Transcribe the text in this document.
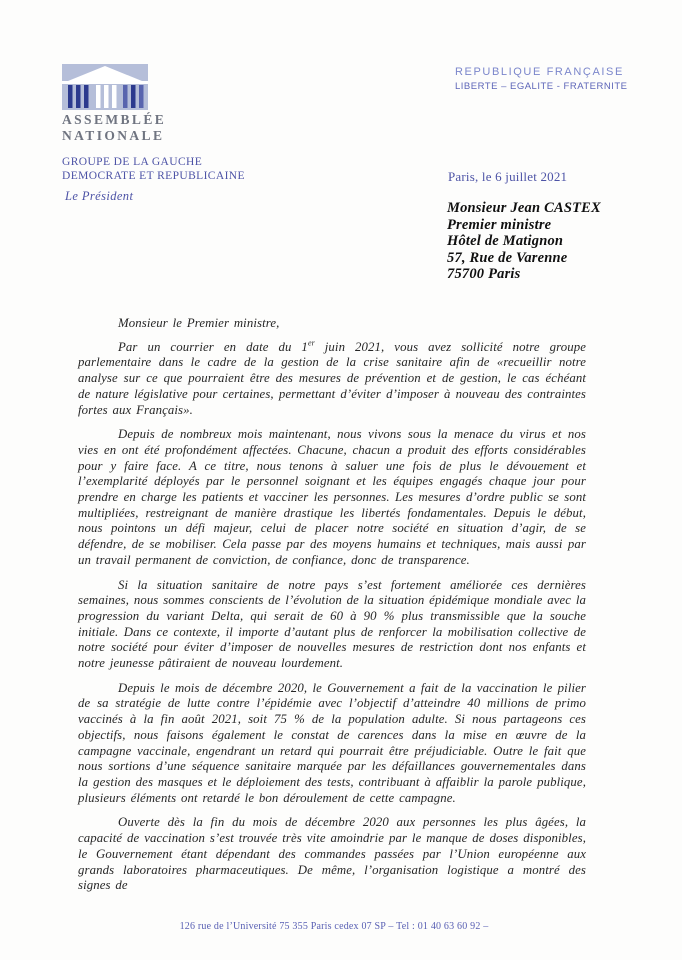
ASSEMBLÉE
NATIONALE
GROUPE DE LA GAUCHE
DEMOCRATE ET REPUBLICAINE
Le Président
REPUBLIQUE FRANÇAISE
LIBERTE – EGALITE - FRATERNITE
Paris, le 6 juillet 2021
Monsieur Jean CASTEX
Premier ministre
Hôtel de Matignon
57, Rue de Varenne
75700 Paris

Monsieur le Premier ministre,

Par un courrier en date du 1er juin 2021, vous avez sollicité notre groupe parlementaire dans le cadre de la gestion de la crise sanitaire afin de «recueillir notre analyse sur ce que pourraient être des mesures de prévention et de gestion, le cas échéant de nature législative pour certaines, permettant d’éviter d’imposer à nouveau des contraintes fortes aux Français».

Depuis de nombreux mois maintenant, nous vivons sous la menace du virus et nos vies en ont été profondément affectées. Chacune, chacun a produit des efforts considérables pour y faire face. A ce titre, nous tenons à saluer une fois de plus le dévouement et l’exemplarité déployés par le personnel soignant et les équipes engagés chaque jour pour prendre en charge les patients et vacciner les personnes. Les mesures d’ordre public se sont multipliées, restreignant de manière drastique les libertés fondamentales. Depuis le début, nous pointons un défi majeur, celui de placer notre société en situation d’agir, de se défendre, de se mobiliser. Cela passe par des moyens humains et techniques, mais aussi par un travail permanent de conviction, de confiance, donc de transparence.

Si la situation sanitaire de notre pays s’est fortement améliorée ces dernières semaines, nous sommes conscients de l’évolution de la situation épidémique mondiale avec la progression du variant Delta, qui serait de 60 à 90 % plus transmissible que la souche initiale. Dans ce contexte, il importe d’autant plus de renforcer la mobilisation collective de notre société pour éviter d’imposer de nouvelles mesures de restriction dont nos enfants et notre jeunesse pâtiraient de nouveau lourdement.

Depuis le mois de décembre 2020, le Gouvernement a fait de la vaccination le pilier de sa stratégie de lutte contre l’épidémie avec l’objectif d’atteindre 40 millions de primo vaccinés à la fin août 2021, soit 75 % de la population adulte. Si nous partageons ces objectifs, nous faisons également le constat de carences dans la mise en œuvre de la campagne vaccinale, engendrant un retard qui pourrait être préjudiciable. Outre le fait que nous sortions d’une séquence sanitaire marquée par les défaillances gouvernementales dans la gestion des masques et le déploiement des tests, contribuant à affaiblir la parole publique, plusieurs éléments ont retardé le bon déroulement de cette campagne.

Ouverte dès la fin du mois de décembre 2020 aux personnes les plus âgées, la capacité de vaccination s’est trouvée très vite amoindrie par le manque de doses disponibles, le Gouvernement étant dépendant des commandes passées par l’Union européenne aux grands laboratoires pharmaceutiques. De même, l’organisation logistique a montré des signes de

126 rue de l’Université 75 355 Paris cedex 07 SP – Tel : 01 40 63 60 92 –
